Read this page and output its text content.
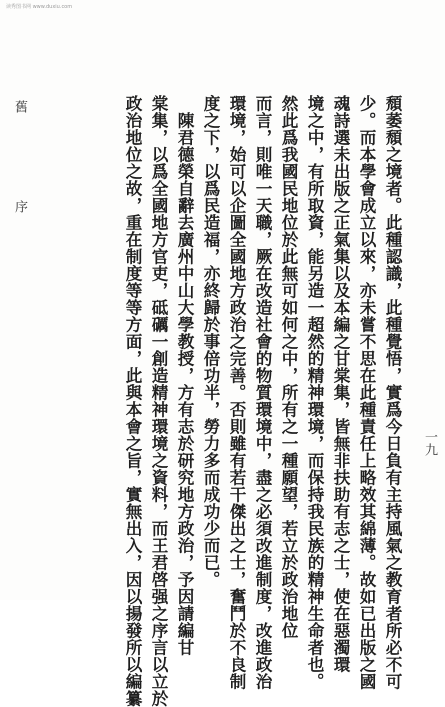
读秀图书网 www.duxiu.com
頹萎頹之境者。此種認識，此種覺悟，實爲今日負有主持風氣之教育者所必不可
少。而本學會成立以來，亦未嘗不思在此種責任上略效其綿薄。故如已出版之國
魂詩選未出版之正氣集以及本編之甘棠集，皆無非扶助有志之士，使在惡濁環
境之中，有所取資，能另造一超然的精神環境，而保持我民族的精神生命者也。
然此爲我國民地位於此無可如何之中，所有之一種願望，若立於政治地位
而言，則唯一天職，厥在改造社會的物質環境中，盡之必須改進制度，改進政治
環境，始可以企圖全國地方政治之完善。否則雖有若干傑出之士，奮鬥於不良制
度之下，以爲民造福，亦終歸於事倍功半，勞力多而成功少而已。
　陳君德榮自辭去廣州中山大學教授，方有志於研究地方政治，予因請編甘
棠集，以爲全國地方官吏，砥礪一創造精神環境之資料，而王君啓强之序言以立於
政治地位之故，重在制度等等方面，此與本會之旨，實無出入，因以揚發所以編纂
舊
序
一九
